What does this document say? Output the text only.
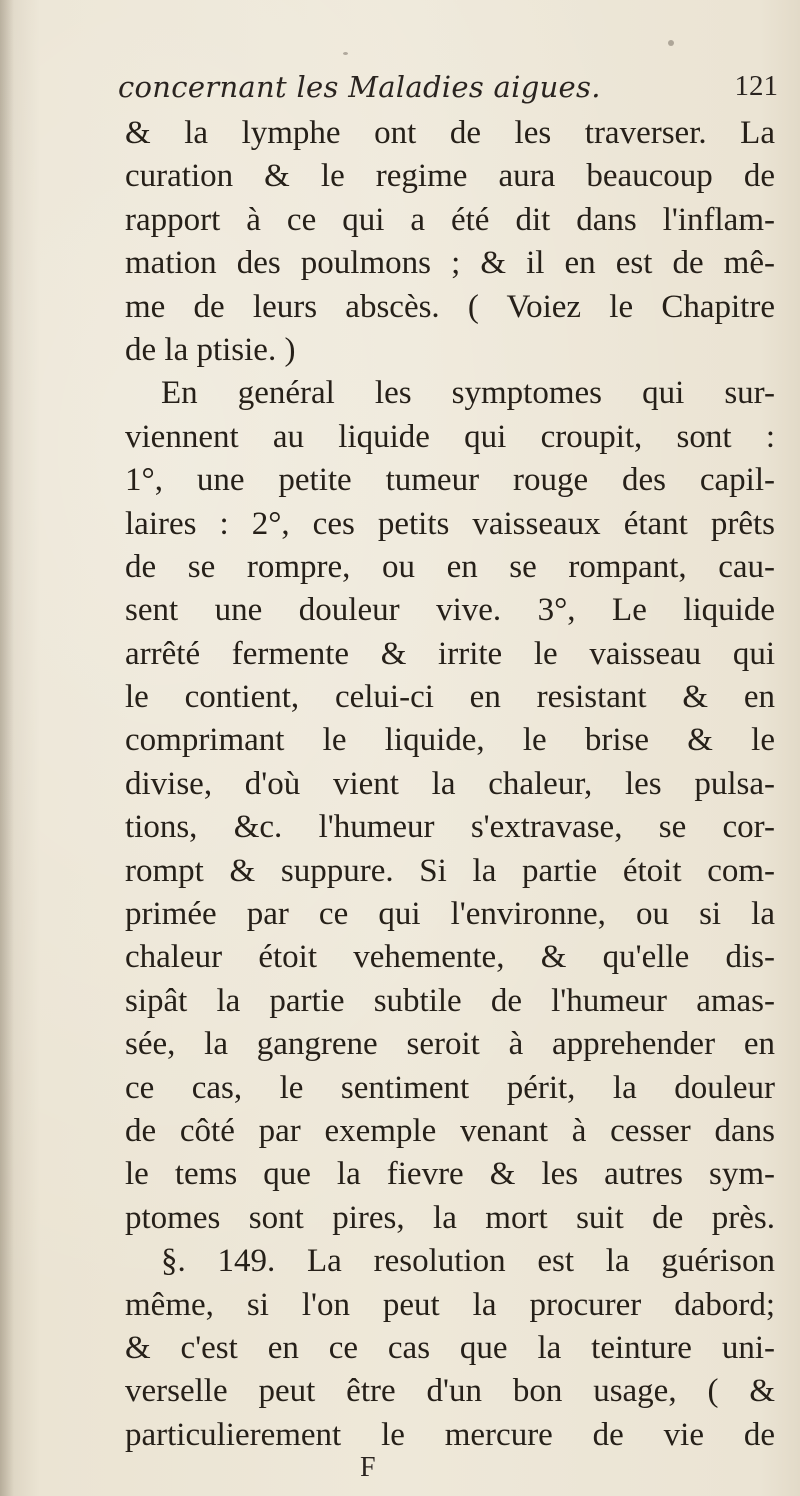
concernant les Maladies aigues.	121
& la lymphe ont de les traverser. La
curation & le regime aura beaucoup de
rapport à ce qui a été dit dans l'inflam-
mation des poulmons ; & il en est de mê-
me de leurs abscès. ( Voiez le Chapitre
de la ptisie. )
En genéral les symptomes qui sur-
viennent au liquide qui croupit, sont :
1°, une petite tumeur rouge des capil-
laires : 2°, ces petits vaisseaux étant prêts
de se rompre, ou en se rompant, cau-
sent une douleur vive. 3°, Le liquide
arrêté fermente & irrite le vaisseau qui
le contient, celui-ci en resistant & en
comprimant le liquide, le brise & le
divise, d'où vient la chaleur, les pulsa-
tions, &c. l'humeur s'extravase, se cor-
rompt & suppure. Si la partie étoit com-
primée par ce qui l'environne, ou si la
chaleur étoit vehemente, & qu'elle dis-
sipât la partie subtile de l'humeur amas-
sée, la gangrene seroit à apprehender en
ce cas, le sentiment périt, la douleur
de côté par exemple venant à cesser dans
le tems que la fievre & les autres sym-
ptomes sont pires, la mort suit de près.
§. 149. La resolution est la guérison
même, si l'on peut la procurer dabord;
& c'est en ce cas que la teinture uni-
verselle peut être d'un bon usage, ( &
particulierement le mercure de vie de
F
